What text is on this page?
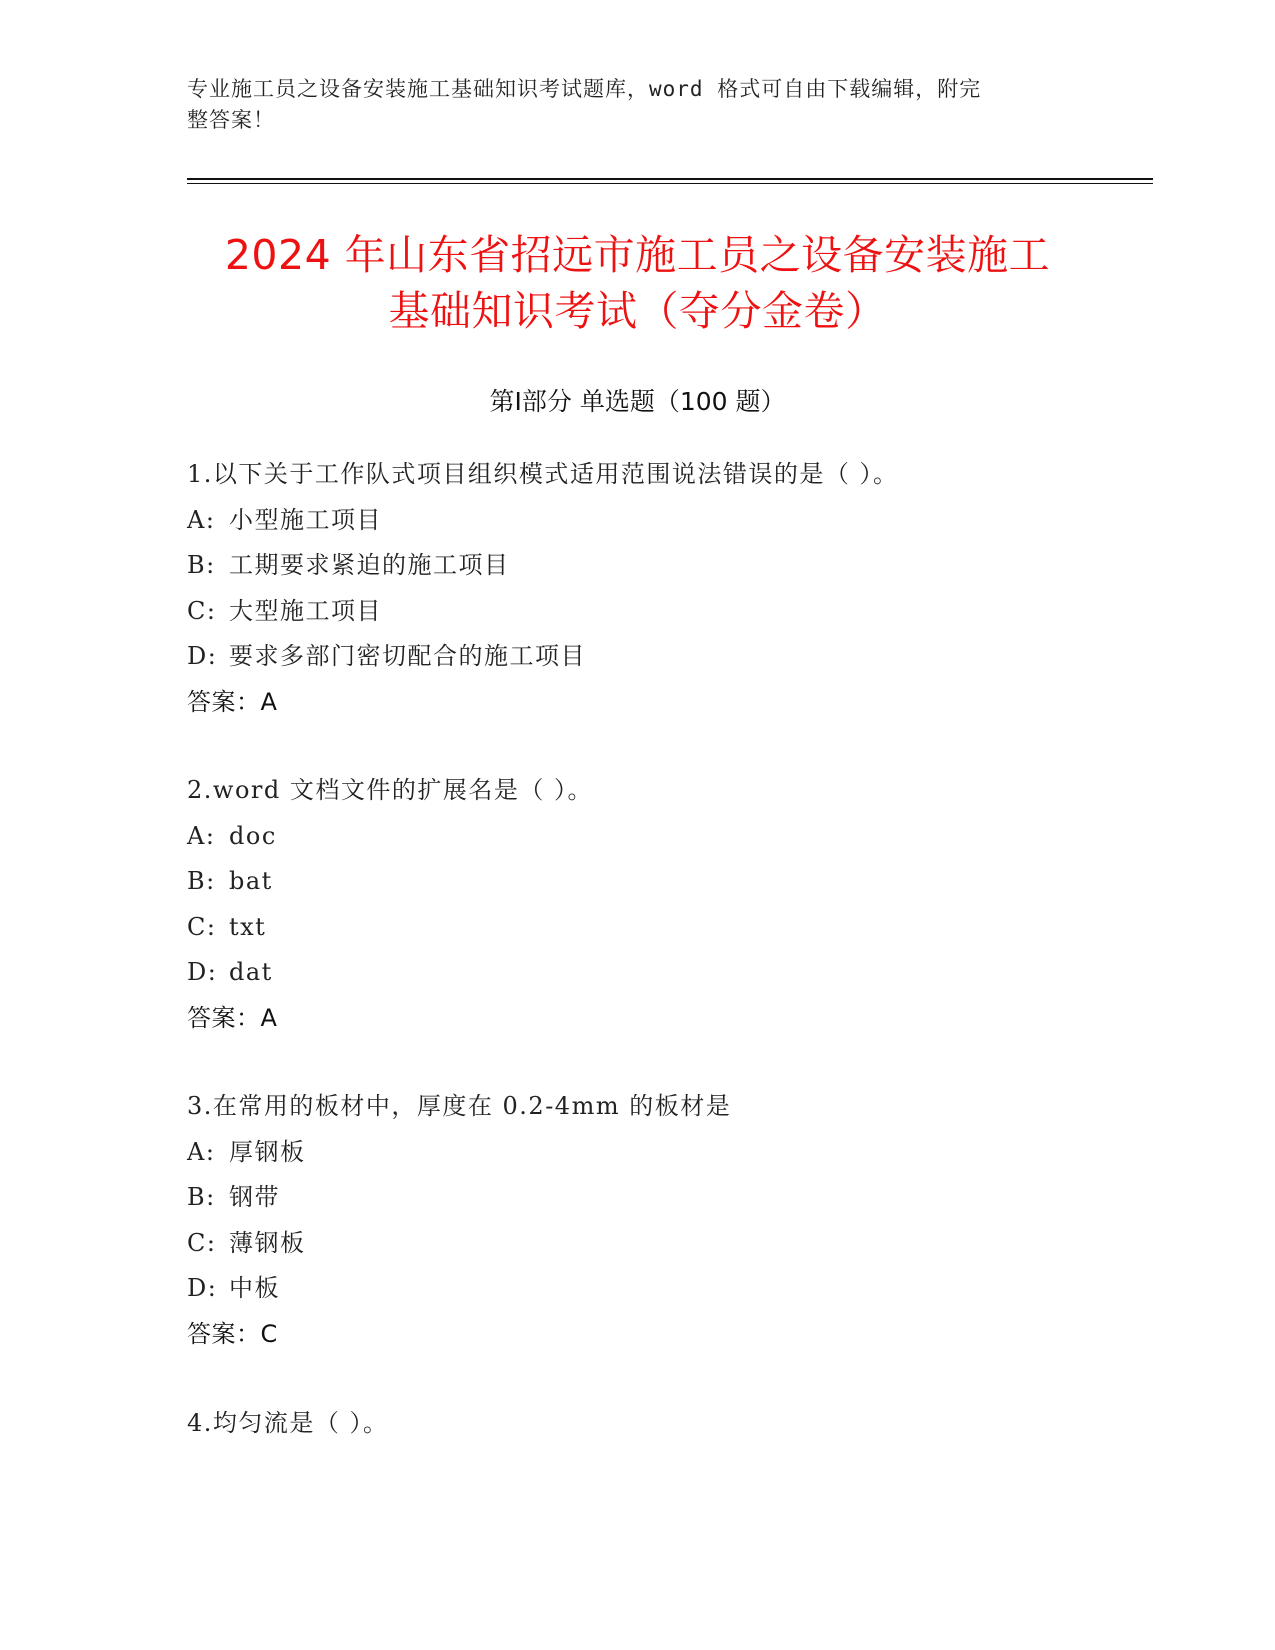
专业施工员之设备安装施工基础知识考试题库，word 格式可自由下载编辑，附完
整答案！
2024 年山东省招远市施工员之设备安装施工
基础知识考试（夺分金卷）
第Ⅰ部分 单选题（100 题）
1.以下关于工作队式项目组织模式适用范围说法错误的是（ ）。
A: 小型施工项目
B: 工期要求紧迫的施工项目
C: 大型施工项目
D: 要求多部门密切配合的施工项目
答案：A
2.word 文档文件的扩展名是（ ）。
A: doc
B: bat
C: txt
D: dat
答案：A
3.在常用的板材中，厚度在 0.2-4mm 的板材是
A: 厚钢板
B: 钢带
C: 薄钢板
D: 中板
答案：C
4.均匀流是（ ）。
